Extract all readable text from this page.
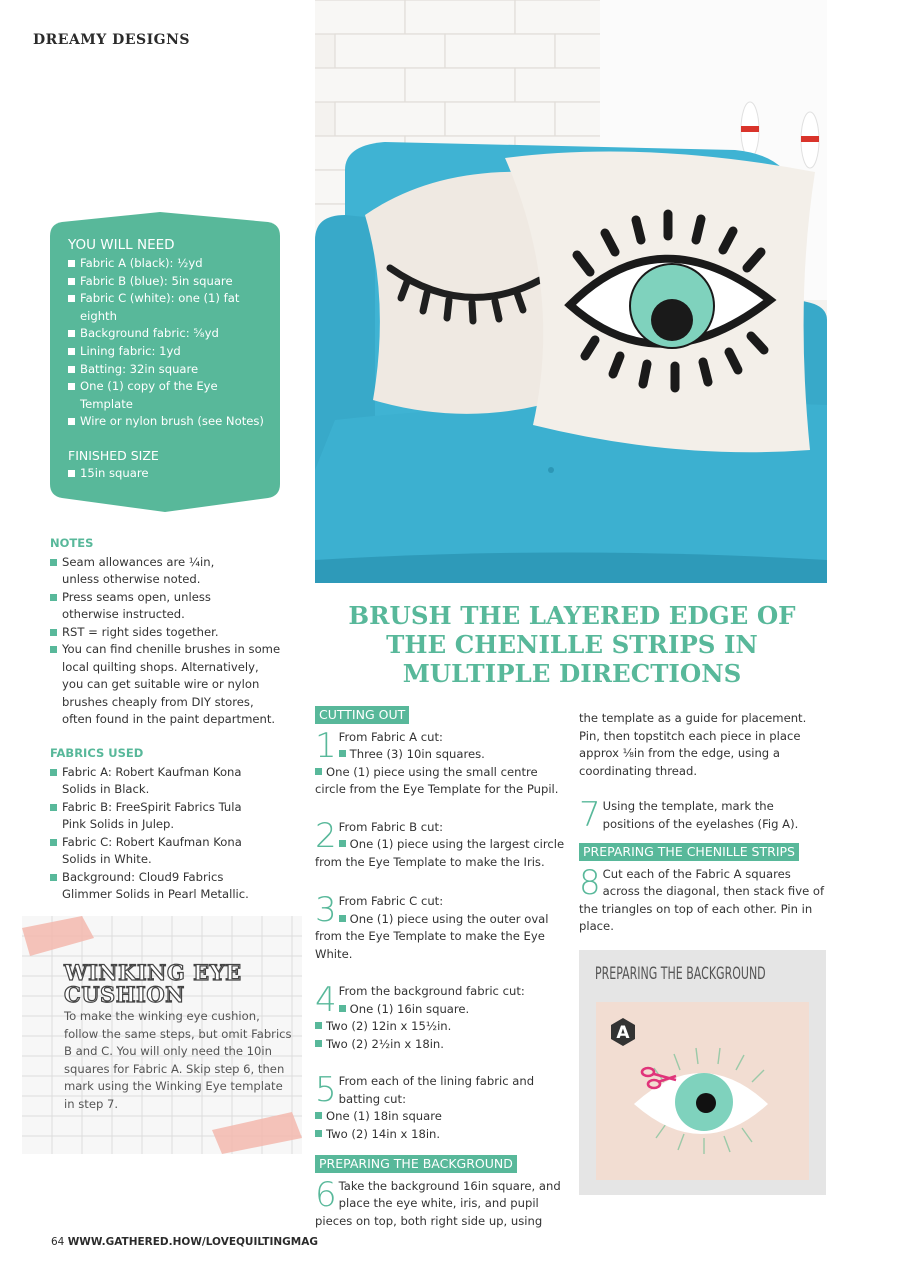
DREAMY DESIGNS
YOU WILL NEED
Fabric A (black): ½yd
Fabric B (blue): 5in square
Fabric C (white): one (1) fat eighth
Background fabric: ⁵⁄₈yd
Lining fabric: 1yd
Batting: 32in square
One (1) copy of the Eye Template
Wire or nylon brush (see Notes)
FINISHED SIZE
15in square
NOTES
Seam allowances are ¼in, unless otherwise noted.
Press seams open, unless otherwise instructed.
RST = right sides together.
You can find chenille brushes in some local quilting shops. Alternatively, you can get suitable wire or nylon brushes cheaply from DIY stores, often found in the paint department.
FABRICS USED
Fabric A: Robert Kaufman Kona Solids in Black.
Fabric B: FreeSpirit Fabrics Tula Pink Solids in Julep.
Fabric C: Robert Kaufman Kona Solids in White.
Background: Cloud9 Fabrics Glimmer Solids in Pearl Metallic.
WINKING EYE CUSHION
To make the winking eye cushion, follow the same steps, but omit Fabrics B and C. You will only need the 10in squares for Fabric A. Skip step 6, then mark using the Winking Eye template in step 7.
BRUSH THE LAYERED EDGE OF THE CHENILLE STRIPS IN MULTIPLE DIRECTIONS
CUTTING OUT
1 From Fabric A cut:
Three (3) 10in squares.
One (1) piece using the small centre circle from the Eye Template for the Pupil.
2 From Fabric B cut:
One (1) piece using the largest circle from the Eye Template to make the Iris.
3 From Fabric C cut:
One (1) piece using the outer oval from the Eye Template to make the Eye White.
4 From the background fabric cut:
One (1) 16in square.
Two (2) 12in x 15½in.
Two (2) 2½in x 18in.
5 From each of the lining fabric and batting cut:
One (1) 18in square
Two (2) 14in x 18in.
PREPARING THE BACKGROUND
6 Take the background 16in square, and place the eye white, iris, and pupil pieces on top, both right side up, using
the template as a guide for placement. Pin, then topstitch each piece in place approx ⅛in from the edge, using a coordinating thread.
7 Using the template, mark the positions of the eyelashes (Fig A).
PREPARING THE CHENILLE STRIPS
8 Cut each of the Fabric A squares across the diagonal, then stack five of the triangles on top of each other. Pin in place.
PREPARING THE BACKGROUND
A
64 WWW.GATHERED.HOW/LOVEQUILTINGMAG
